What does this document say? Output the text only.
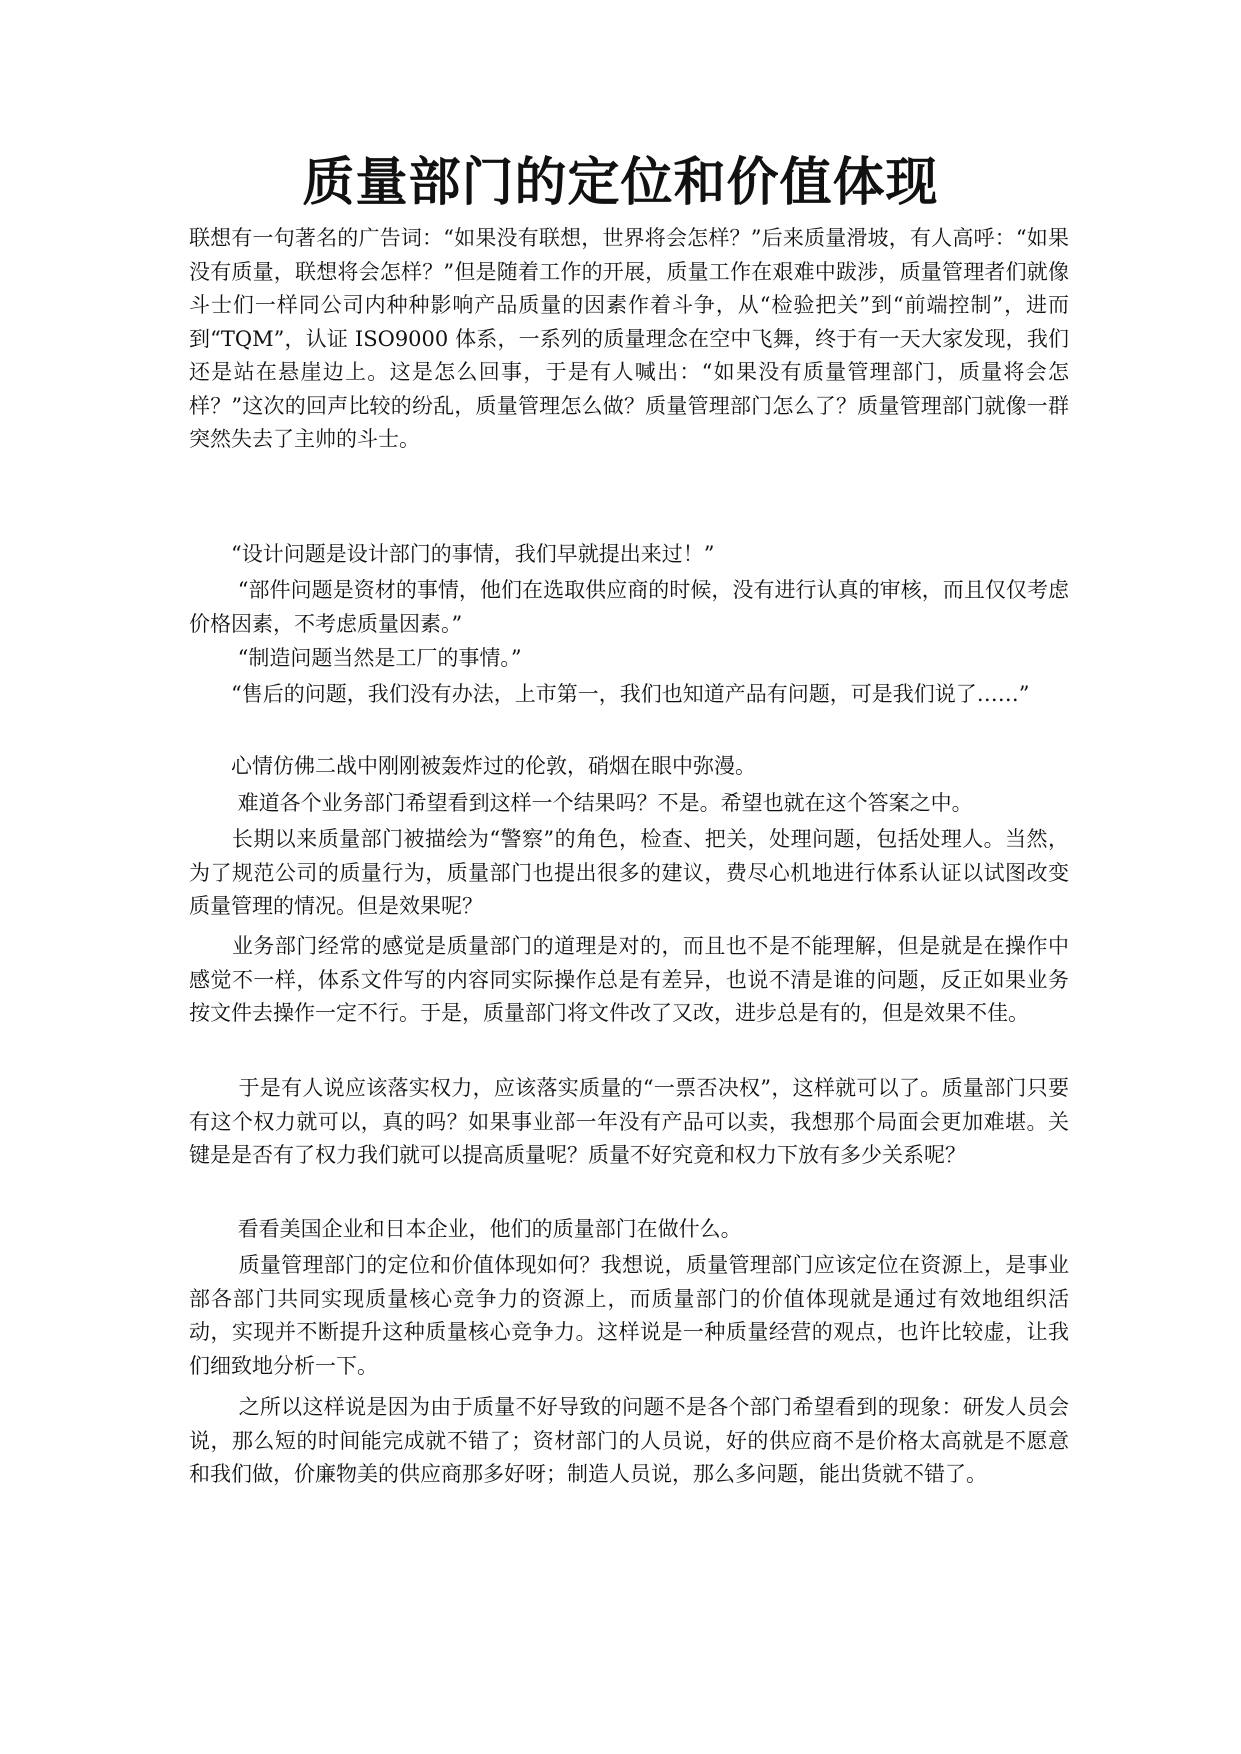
质量部门的定位和价值体现

联想有一句著名的广告词：“如果没有联想，世界将会怎样？”后来质量滑坡，有人高呼：“如果没有质量，联想将会怎样？”但是随着工作的开展，质量工作在艰难中跋涉，质量管理者们就像斗士们一样同公司内种种影响产品质量的因素作着斗争，从“检验把关”到“前端控制”，进而到“TQM”，认证 ISO9000 体系，一系列的质量理念在空中飞舞，终于有一天大家发现，我们还是站在悬崖边上。这是怎么回事，于是有人喊出：“如果没有质量管理部门，质量将会怎样？”这次的回声比较的纷乱，质量管理怎么做？质量管理部门怎么了？质量管理部门就像一群突然失去了主帅的斗士。

　　“设计问题是设计部门的事情，我们早就提出来过！”

　　 “部件问题是资材的事情，他们在选取供应商的时候，没有进行认真的审核，而且仅仅考虑价格因素，不考虑质量因素。”

　　 “制造问题当然是工厂的事情。”

　　“售后的问题，我们没有办法，上市第一，我们也知道产品有问题，可是我们说了……”

　　心情仿佛二战中刚刚被轰炸过的伦敦，硝烟在眼中弥漫。

　　 难道各个业务部门希望看到这样一个结果吗？不是。希望也就在这个答案之中。

　　长期以来质量部门被描绘为“警察”的角色，检查、把关，处理问题，包括处理人。当然，为了规范公司的质量行为，质量部门也提出很多的建议，费尽心机地进行体系认证以试图改变质量管理的情况。但是效果呢？

　　业务部门经常的感觉是质量部门的道理是对的，而且也不是不能理解，但是就是在操作中感觉不一样，体系文件写的内容同实际操作总是有差异，也说不清是谁的问题，反正如果业务按文件去操作一定不行。于是，质量部门将文件改了又改，进步总是有的，但是效果不佳。

　　 于是有人说应该落实权力，应该落实质量的“一票否决权”，这样就可以了。质量部门只要有这个权力就可以，真的吗？如果事业部一年没有产品可以卖，我想那个局面会更加难堪。关键是是否有了权力我们就可以提高质量呢？质量不好究竟和权力下放有多少关系呢？

　　 看看美国企业和日本企业，他们的质量部门在做什么。

　　 质量管理部门的定位和价值体现如何？我想说，质量管理部门应该定位在资源上，是事业部各部门共同实现质量核心竞争力的资源上，而质量部门的价值体现就是通过有效地组织活动，实现并不断提升这种质量核心竞争力。这样说是一种质量经营的观点，也许比较虚，让我们细致地分析一下。

　　 之所以这样说是因为由于质量不好导致的问题不是各个部门希望看到的现象：研发人员会说，那么短的时间能完成就不错了；资材部门的人员说，好的供应商不是价格太高就是不愿意和我们做，价廉物美的供应商那多好呀；制造人员说，那么多问题，能出货就不错了。
